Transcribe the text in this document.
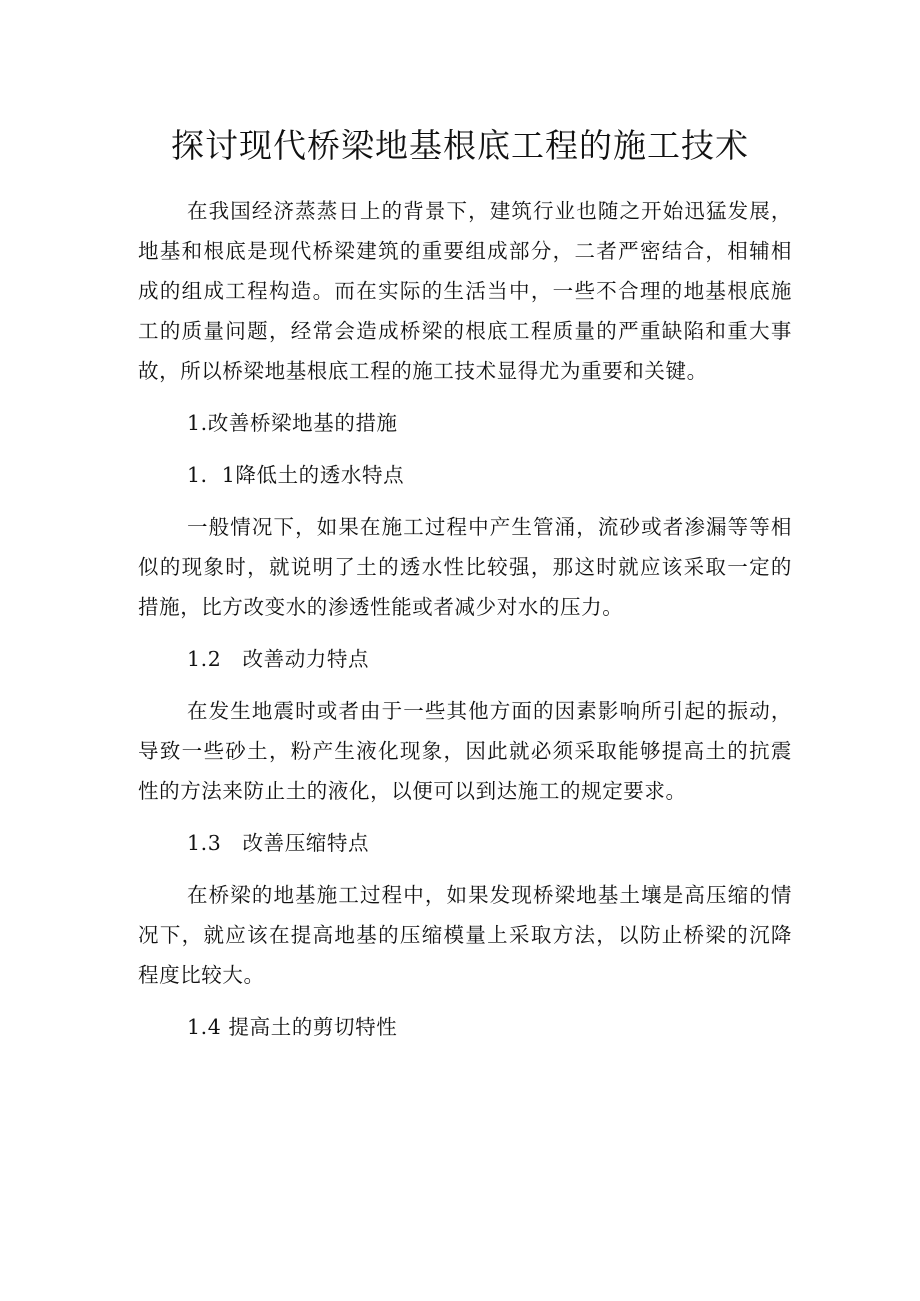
探讨现代桥梁地基根底工程的施工技术

在我国经济蒸蒸日上的背景下，建筑行业也随之开始迅猛发展，地基和根底是现代桥梁建筑的重要组成部分，二者严密结合，相辅相成的组成工程构造。而在实际的生活当中，一些不合理的地基根底施工的质量问题，经常会造成桥梁的根底工程质量的严重缺陷和重大事故，所以桥梁地基根底工程的施工技术显得尤为重要和关键。

1.改善桥梁地基的措施

1．1降低土的透水特点

一般情况下，如果在施工过程中产生管涌，流砂或者渗漏等等相似的现象时，就说明了土的透水性比较强，那这时就应该采取一定的措施，比方改变水的渗透性能或者减少对水的压力。

1.2　改善动力特点

在发生地震时或者由于一些其他方面的因素影响所引起的振动，导致一些砂土，粉产生液化现象，因此就必须采取能够提高土的抗震性的方法来防止土的液化，以便可以到达施工的规定要求。

1.3　改善压缩特点

在桥梁的地基施工过程中，如果发现桥梁地基土壤是高压缩的情况下，就应该在提高地基的压缩模量上采取方法，以防止桥梁的沉降程度比较大。

1.4 提高土的剪切特性
